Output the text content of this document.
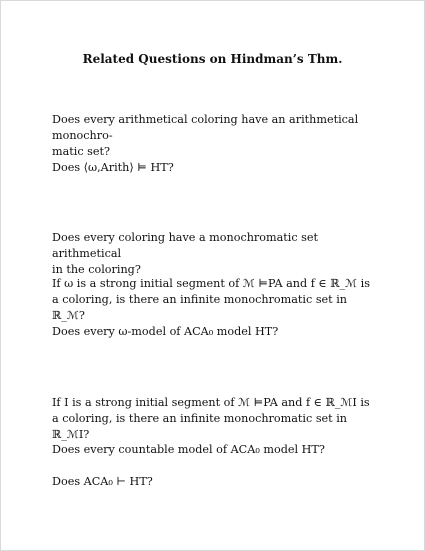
Related Questions on Hindman’s Thm.
Does every arithmetical coloring have an arithmetical monochro-
matic set?
Does ⟨ω,Arith⟩ ⊨ HT?
Does every coloring have a monochromatic set arithmetical
in the coloring?
If ω is a strong initial segment of ℳ ⊨PA and f ∈ ℝ_ℳ is
a coloring, is there an infinite monochromatic set in ℝ_ℳ?
Does every ω-model of ACA₀ model HT?
If I is a strong initial segment of ℳ ⊨PA and f ∈ ℝ_ℳI is
a coloring, is there an infinite monochromatic set in ℝ_ℳI?
Does every countable model of ACA₀ model HT?
Does ACA₀ ⊢ HT?
